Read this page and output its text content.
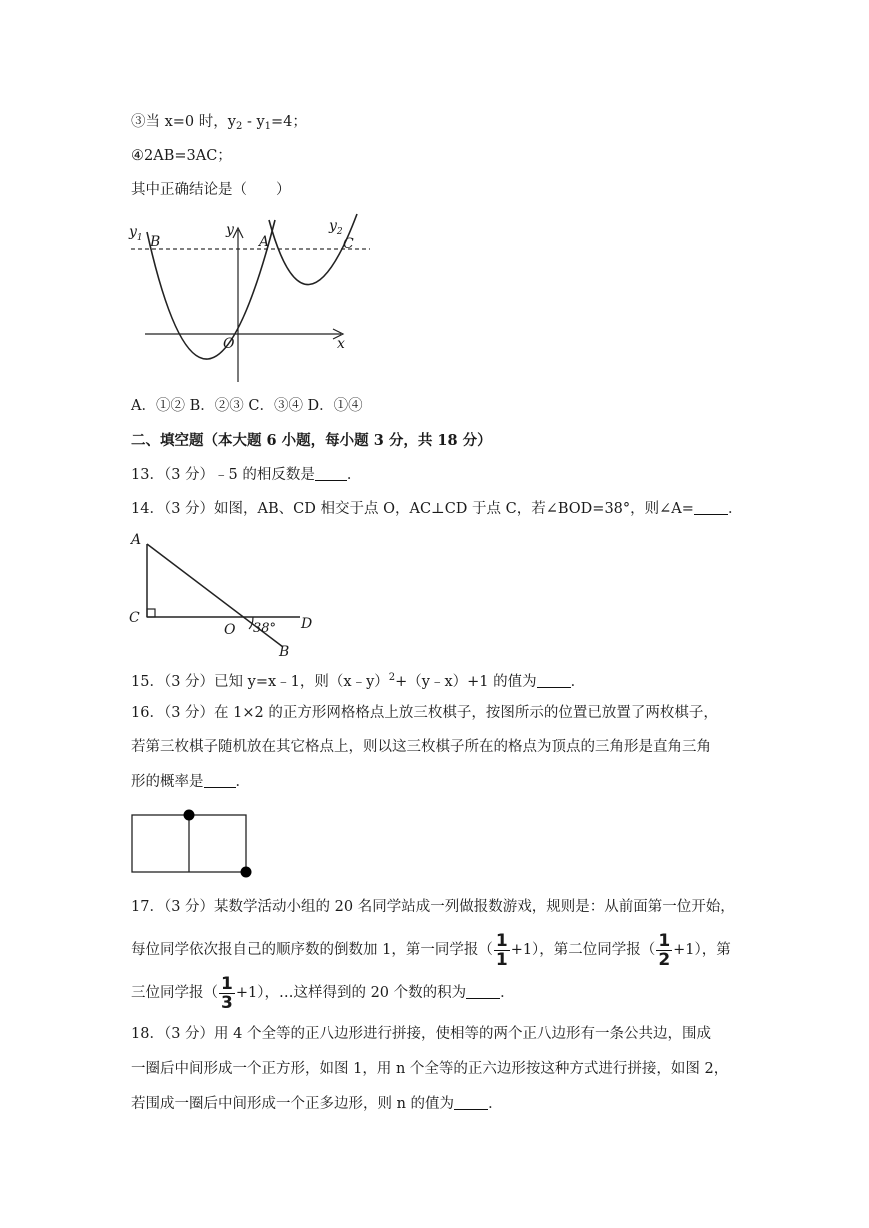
③当 x=0 时，$y_2 - y_1=4$；
④2AB=3AC；
其中正确结论是（　　）
$y_1$ B
y
A
$y_2$
C
O	x
A．①② B．②③ C．③④ D．①④
二、填空题（本大题 6 小题，每小题 3 分，共 18 分）
13．（3 分）﹣5 的相反数是 ．
14．（3 分）如图，AB、CD 相交于点 O，AC⊥CD 于点 C，若∠BOD=38°，则∠A= ．
A
C
O 38° D
B
15．（3 分）已知 y=x﹣1，则（x﹣y）$^2$+（y﹣x）+1 的值为 ．
16．（3 分）在 1×2 的正方形网格格点上放三枚棋子，按图所示的位置已放置了两枚棋子，
若第三枚棋子随机放在其它格点上，则以这三枚棋子所在的格点为顶点的三角形是直角三角
形的概率是 ．
17．（3 分）某数学活动小组的 20 名同学站成一列做报数游戏，规则是：从前面第一位开始，
每位同学依次报自己的顺序数的倒数加 1，第一同学报（ $\frac{1}{1} +1$），第二位同学报（ $\frac{1}{2} +1$），第
三位同学报（ $\frac{1}{3} +1$），…这样得到的 20 个数的积为 ．
18．（3 分）用 4 个全等的正八边形进行拼接，使相等的两个正八边形有一条公共边，围成
一圈后中间形成一个正方形，如图 1，用 n 个全等的正六边形按这种方式进行拼接，如图 2，
若围成一圈后中间形成一个正多边形，则 n 的值为 ．
